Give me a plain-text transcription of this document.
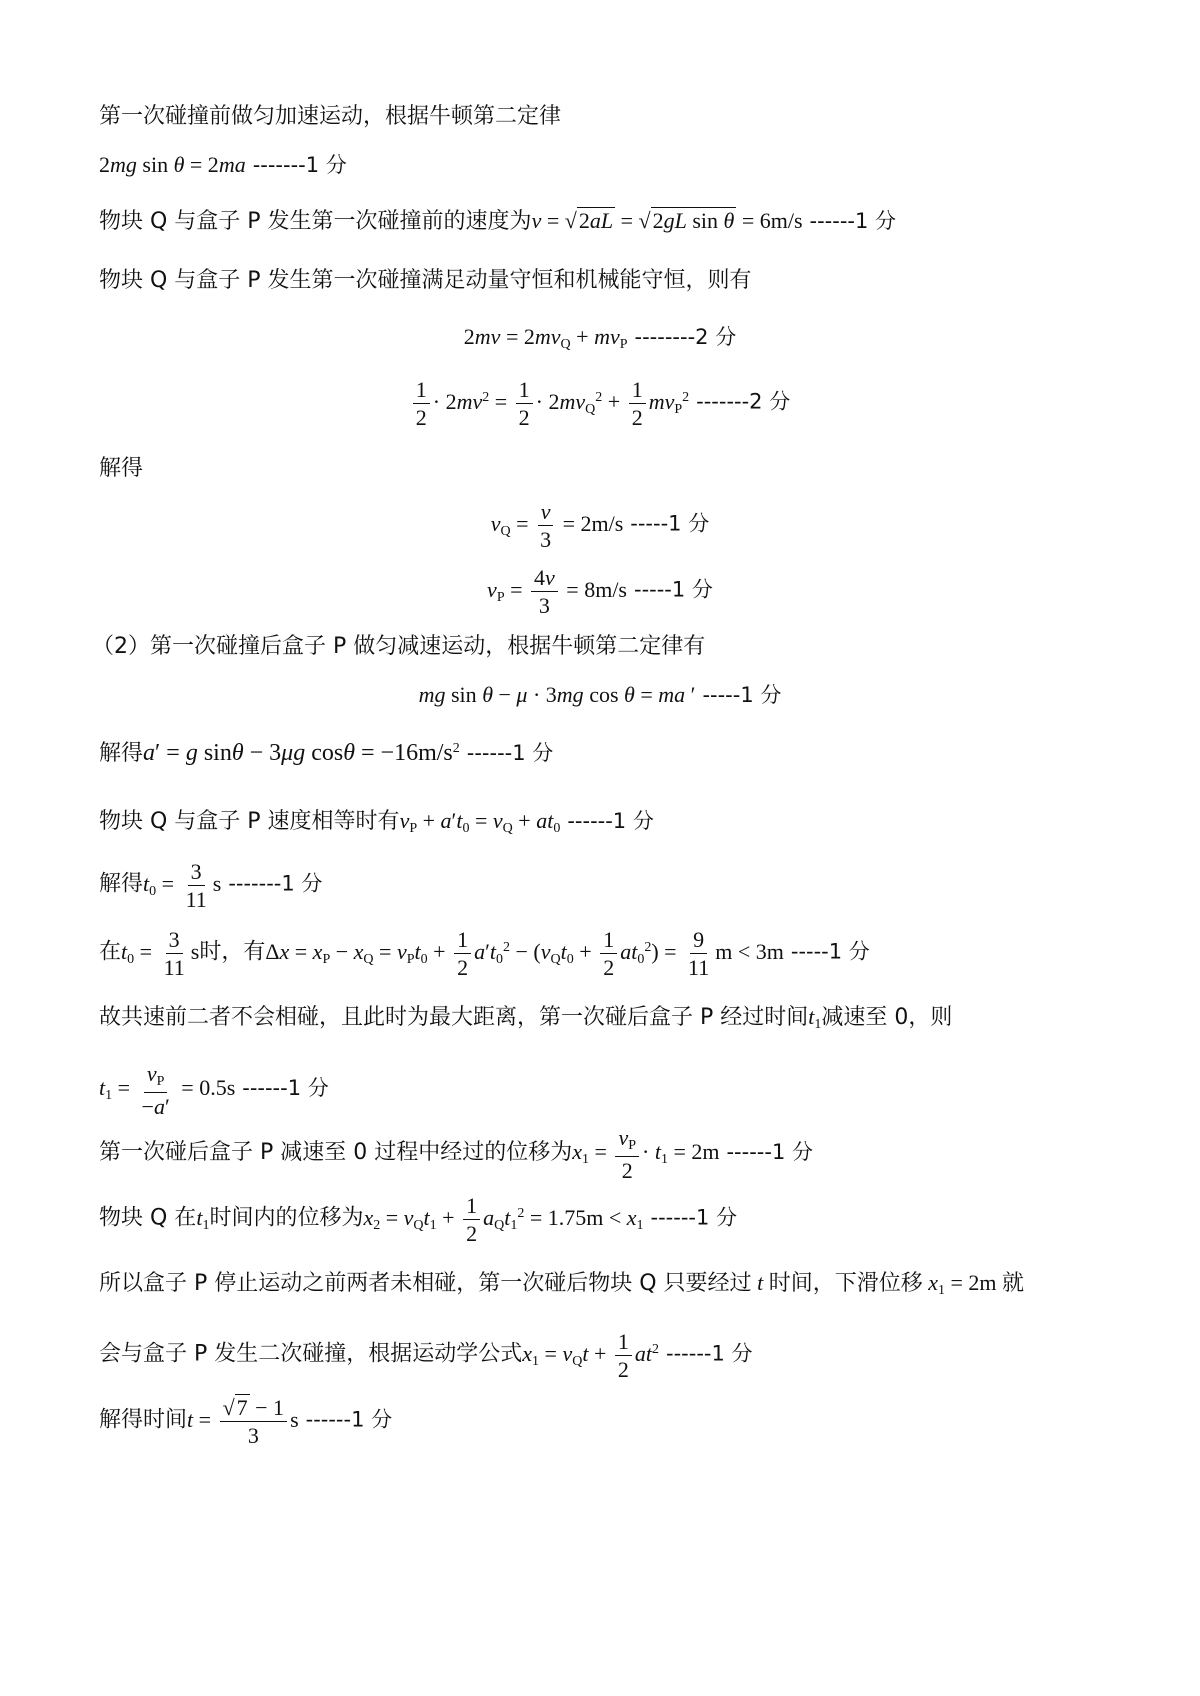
第一次碰撞前做匀加速运动，根据牛顿第二定律
2mg sin θ = 2ma -------1 分
物块 Q 与盒子 P 发生第一次碰撞前的速度为v = √2aL = √2gL sin θ = 6m/s ------1 分
物块 Q 与盒子 P 发生第一次碰撞满足动量守恒和机械能守恒，则有
$2mv = 2mv_Q + mv_P$ --------2 分
$\frac{1}{2} \cdot 2mv^2 = \frac{1}{2} \cdot 2mv_Q^2 + \frac{1}{2} mv_P^2$ -------2 分
解得
$v_Q = \frac{v}{3} = 2m/s$ -----1 分
$v_P = \frac{4v}{3} = 8m/s$ -----1 分
（2）第一次碰撞后盒子 P 做匀减速运动，根据牛顿第二定律有
mg sin θ − μ · 3mg cos θ = ma ′ -----1 分
解得a′ = g sinθ − 3μg $\cos\theta = -16m/s^2$ ------1 分
物块 Q 与盒子 P 速度相等时有$v_P + a't_0 = v_Q + at_0$ ------1 分
解得$t_0 = \frac{3}{11}$ s -------1 分
在$t_0 = \frac{3}{11}$ s时，有$\Delta x = x_P - x_Q = v_Pt_0 + \frac{1}{2} a't_0^2 - (v_Qt_0 + \frac{1}{2} at_0^2) = \frac{9}{11}$ m < 3m -----1 分
故共速前二者不会相碰，且此时为最大距离，第一次碰后盒子 P 经过时间$t_1$减速至 0，则
$t_1 = \frac{v_P}{-a'} = 0.5s$ ------1 分
第一次碰后盒子 P 减速至 0 过程中经过的位移为$x_1 = \frac{v_P}{2} \cdot t_1 = 2m$ ------1 分
物块 Q 在$t_1$时间内的位移为$x_2 = v_Qt_1 + \frac{1}{2} a_Qt_1^2 = 1.75m < x_1$ ------1 分
所以盒子 P 停止运动之前两者未相碰，第一次碰后物块 Q 只要经过 t 时间，下滑位移 $x_1 = 2m$ 就
会与盒子 P 发生二次碰撞，根据运动学公式$x_1 = v_Qt + \frac{1}{2} at^2$ ------1 分
解得时间$t = \frac{√7 - 1}{3}$ s ------1 分
